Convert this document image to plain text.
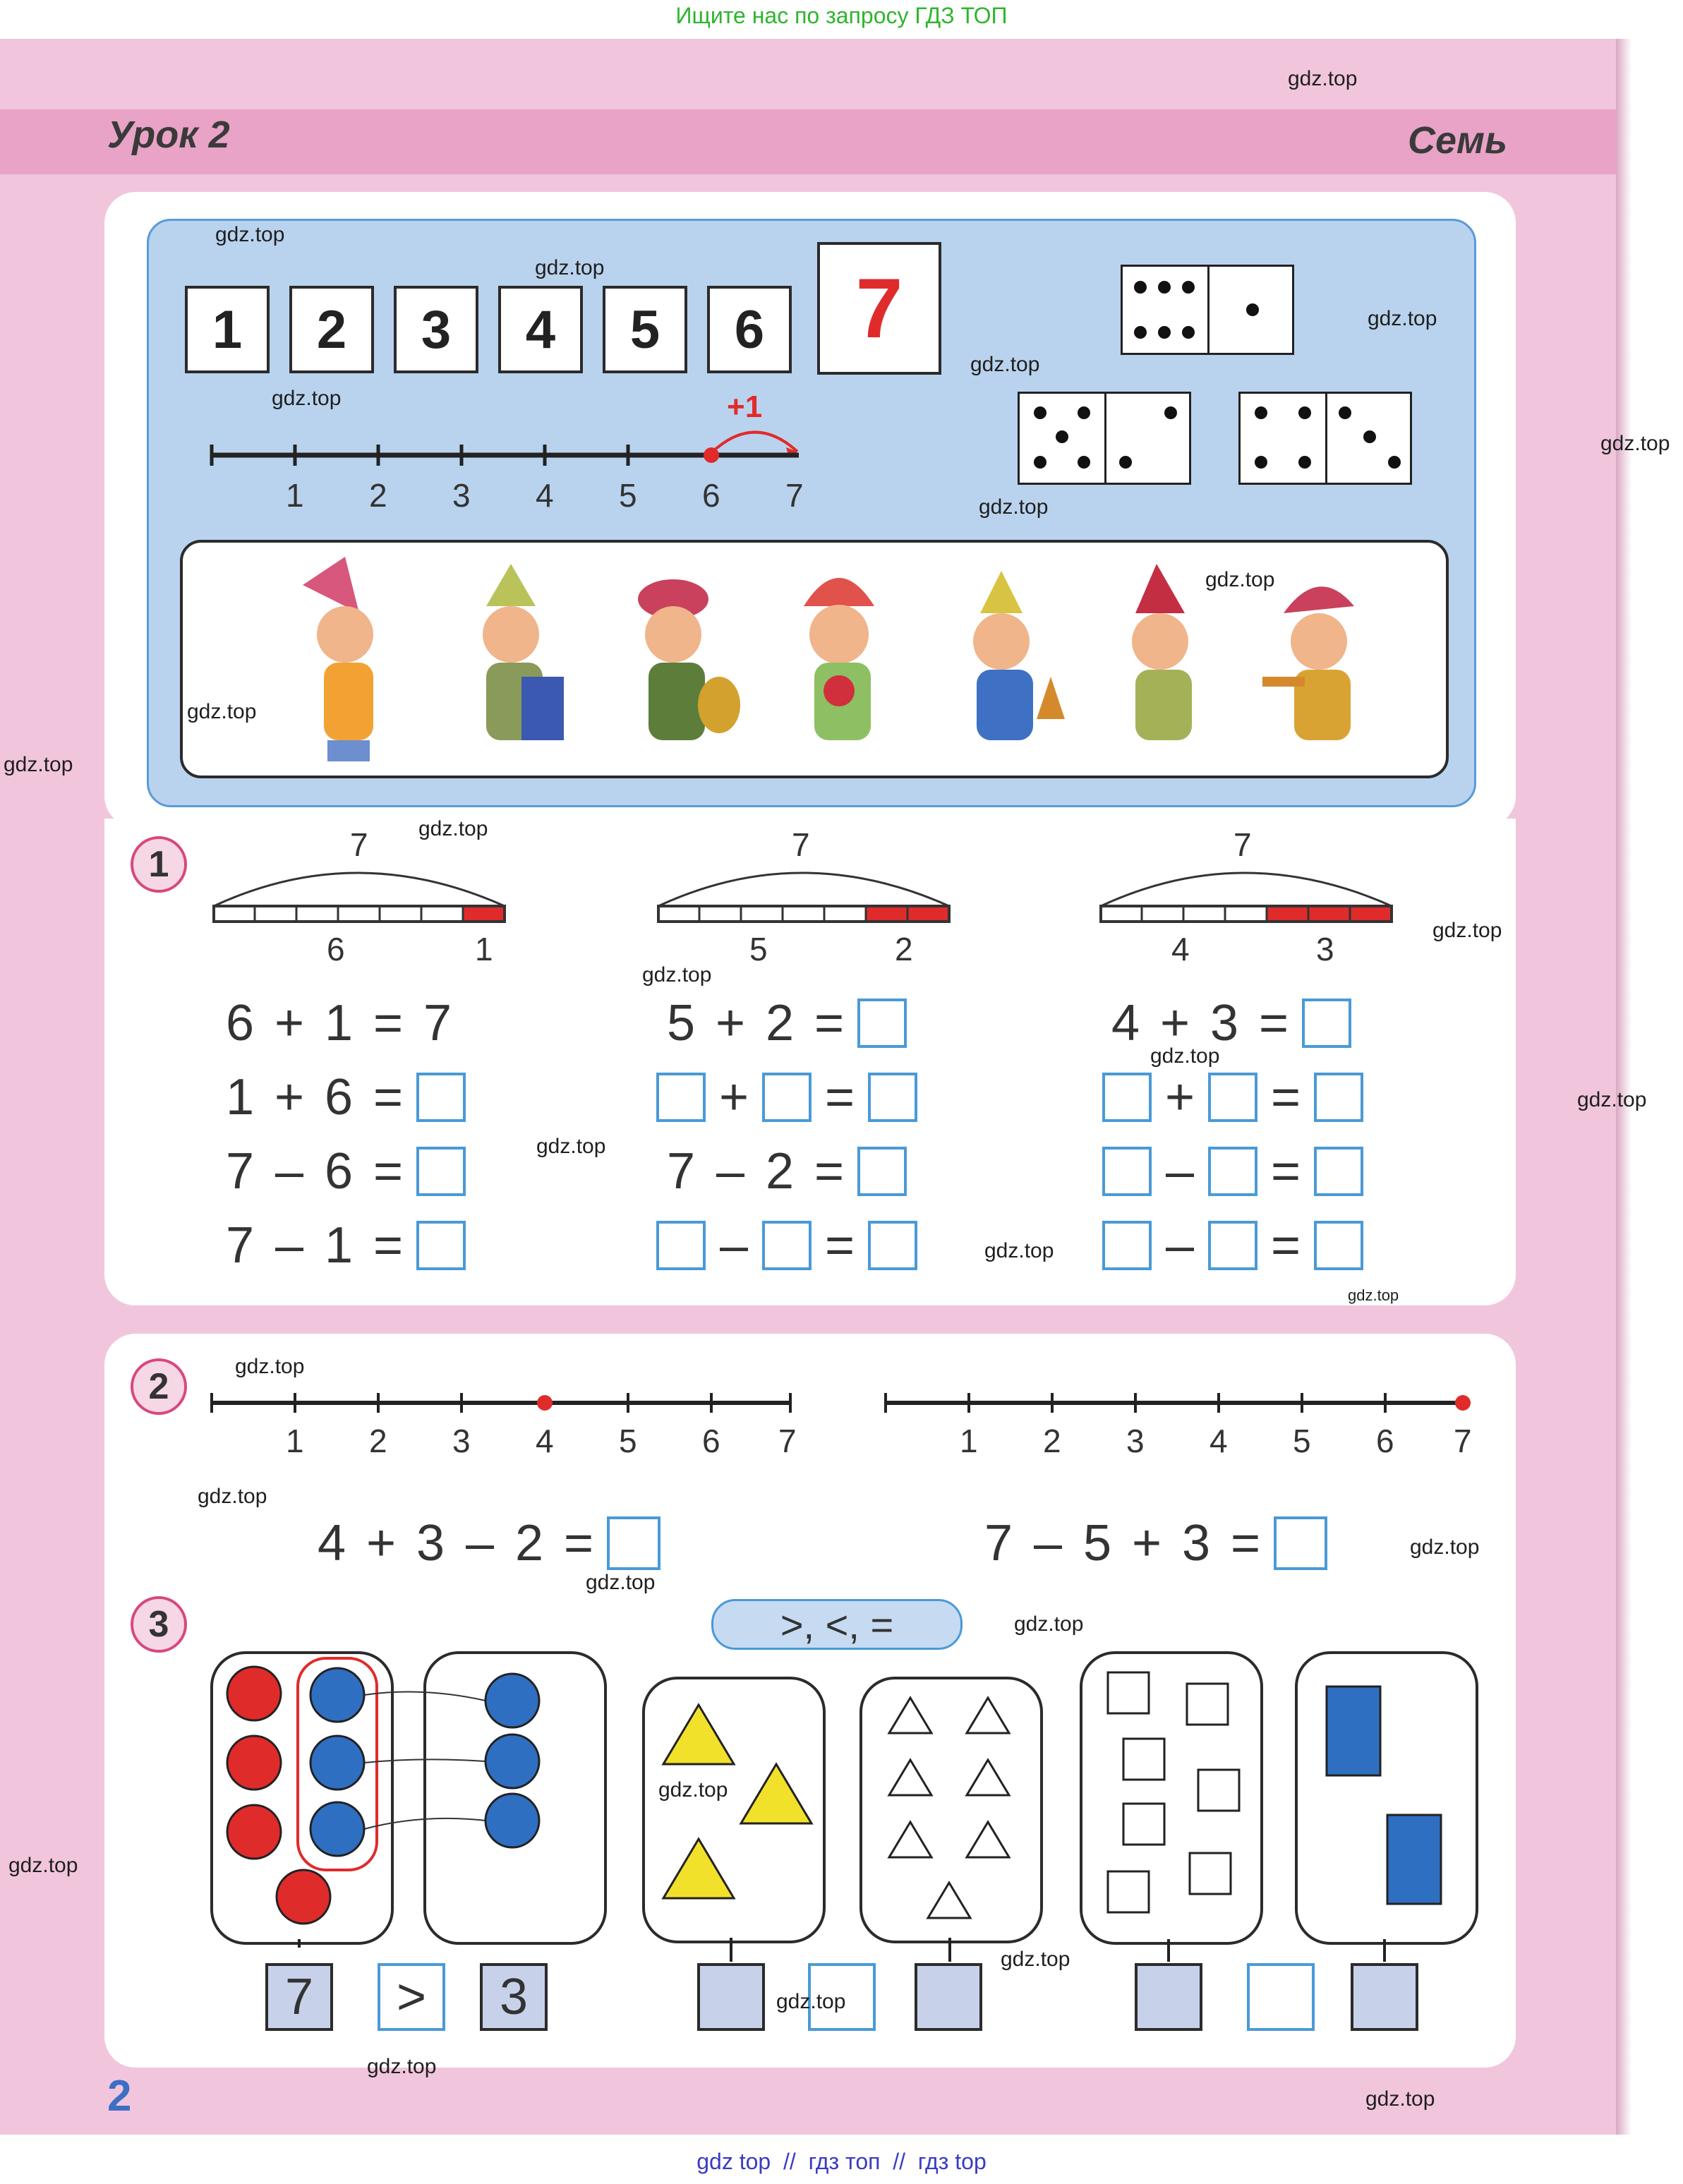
Ищите нас по запросу ГДЗ ТОП
Урок 2	Семь
1	2	3	4	5	6	7
+1
1 2 3 4 5 6 7
1	7
6	1
7
5	2
7
4	3
6 + 1 = 7
1 + 6 =
7 – 6 =
7 – 1 =
5 + 2 =
+ =
7 – 2 =
– =
4 + 3 =
+ =
– =
– =
2
1 2 3 4 5 6 7	1 2 3 4 5 6 7
4 + 3 – 2 =	7 – 5 + 3 =
3	>, <, =
7	>	3
2
gdz.top
gdz.top
gdz.top
gdz.top
gdz.top
gdz.top
gdz.top
gdz.top
gdz.top
gdz.top
gdz.top
gdz.top
gdz.top
gdz.top
gdz.top
gdz.top
gdz.top
gdz.top
gdz.top
gdz.top
gdz.top
gdz.top
gdz.top
gdz.top
gdz.top
gdz.top
gdz.top
gdz.top
gdz.top
gdz.top
gdz top  //  гдз топ  //  гдз top
